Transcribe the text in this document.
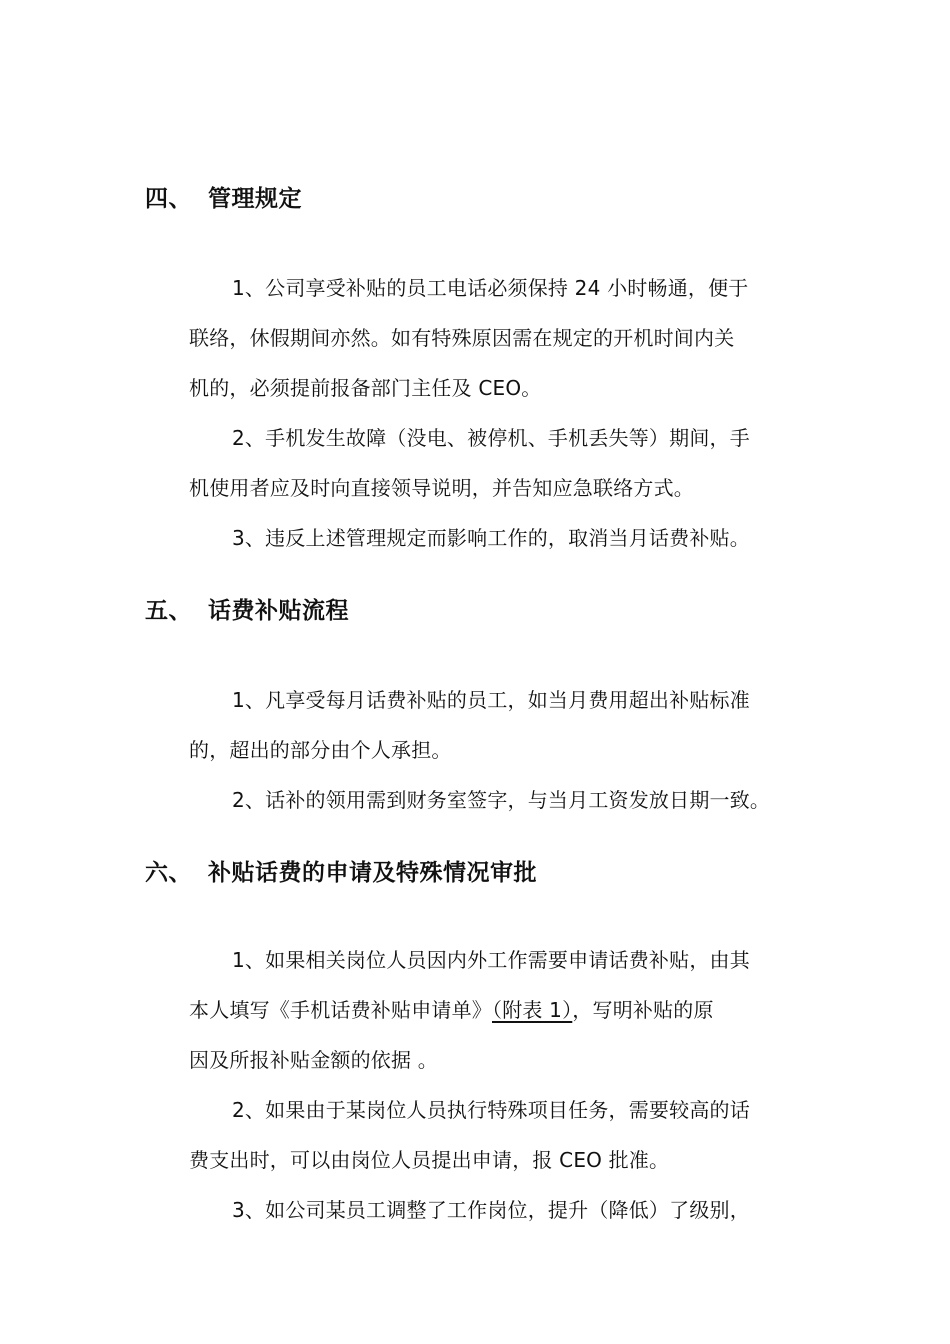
四、 管理规定
1、公司享受补贴的员工电话必须保持 24 小时畅通，便于
联络，休假期间亦然。如有特殊原因需在规定的开机时间内关
机的，必须提前报备部门主任及 CEO。
2、手机发生故障（没电、被停机、手机丢失等）期间，手
机使用者应及时向直接领导说明，并告知应急联络方式。
3、违反上述管理规定而影响工作的，取消当月话费补贴。
五、 话费补贴流程
1、凡享受每月话费补贴的员工，如当月费用超出补贴标准
的，超出的部分由个人承担。
2、话补的领用需到财务室签字，与当月工资发放日期一致。
六、 补贴话费的申请及特殊情况审批
1、如果相关岗位人员因内外工作需要申请话费补贴，由其
本人填写《手机话费补贴申请单》（附表 1），写明补贴的原
因及所报补贴金额的依据 。
2、如果由于某岗位人员执行特殊项目任务，需要较高的话
费支出时，可以由岗位人员提出申请，报 CEO 批准。
3、如公司某员工调整了工作岗位，提升（降低）了级别，
